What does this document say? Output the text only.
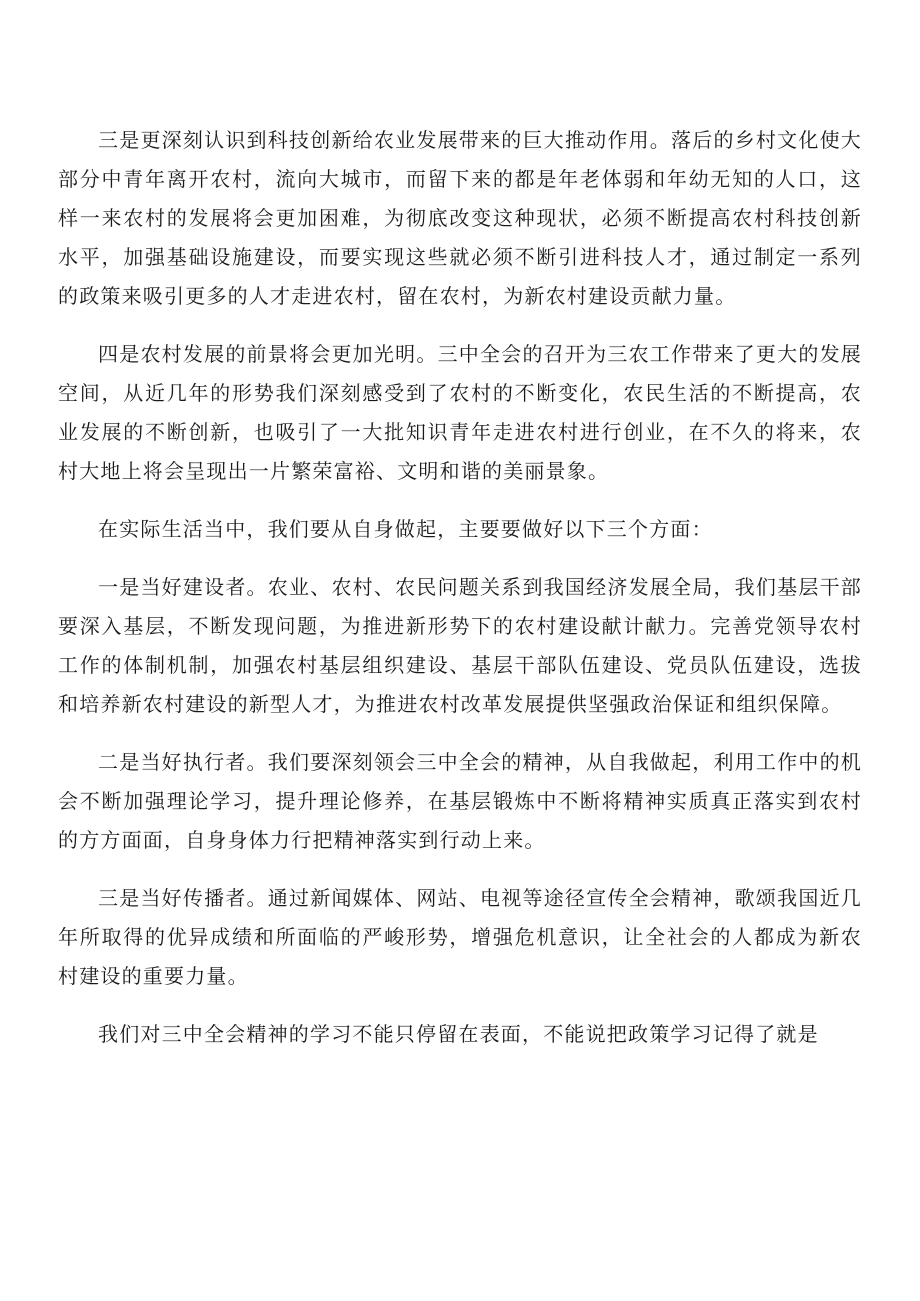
三是更深刻认识到科技创新给农业发展带来的巨大推动作用。落后的乡村文化使大部分中青年离开农村，流向大城市，而留下来的都是年老体弱和年幼无知的人口，这样一来农村的发展将会更加困难，为彻底改变这种现状，必须不断提高农村科技创新水平，加强基础设施建设，而要实现这些就必须不断引进科技人才，通过制定一系列的政策来吸引更多的人才走进农村，留在农村，为新农村建设贡献力量。

四是农村发展的前景将会更加光明。三中全会的召开为三农工作带来了更大的发展空间，从近几年的形势我们深刻感受到了农村的不断变化，农民生活的不断提高，农业发展的不断创新，也吸引了一大批知识青年走进农村进行创业，在不久的将来，农村大地上将会呈现出一片繁荣富裕、文明和谐的美丽景象。

在实际生活当中，我们要从自身做起，主要要做好以下三个方面：

一是当好建设者。农业、农村、农民问题关系到我国经济发展全局，我们基层干部要深入基层，不断发现问题，为推进新形势下的农村建设献计献力。完善党领导农村工作的体制机制，加强农村基层组织建设、基层干部队伍建设、党员队伍建设，选拔和培养新农村建设的新型人才，为推进农村改革发展提供坚强政治保证和组织保障。

二是当好执行者。我们要深刻领会三中全会的精神，从自我做起，利用工作中的机会不断加强理论学习，提升理论修养，在基层锻炼中不断将精神实质真正落实到农村的方方面面，自身身体力行把精神落实到行动上来。

三是当好传播者。通过新闻媒体、网站、电视等途径宣传全会精神，歌颂我国近几年所取得的优异成绩和所面临的严峻形势，增强危机意识，让全社会的人都成为新农村建设的重要力量。

我们对三中全会精神的学习不能只停留在表面，不能说把政策学习记得了就是
